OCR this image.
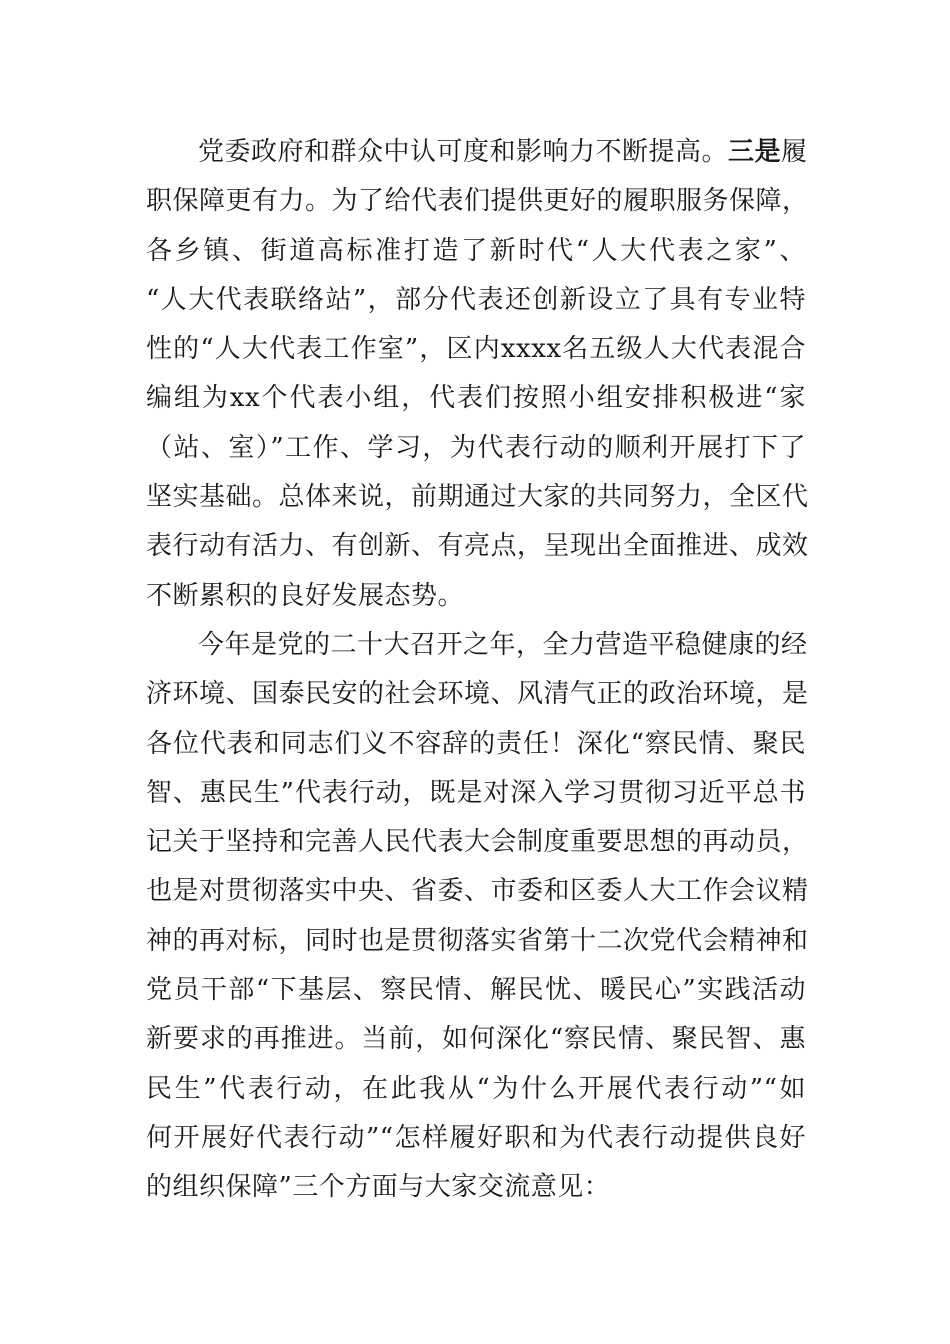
党委政府和群众中认可度和影响力不断提高。三是履
职保障更有力。为了给代表们提供更好的履职服务保障，
各乡镇、街道高标准打造了新时代“人大代表之家”、
“人大代表联络站”，部分代表还创新设立了具有专业特
性的“人大代表工作室”，区内xxxx名五级人大代表混合
编组为xx个代表小组，代表们按照小组安排积极进“家
（站、室）”工作、学习，为代表行动的顺利开展打下了
坚实基础。总体来说，前期通过大家的共同努力，全区代
表行动有活力、有创新、有亮点，呈现出全面推进、成效
不断累积的良好发展态势。
今年是党的二十大召开之年，全力营造平稳健康的经
济环境、国泰民安的社会环境、风清气正的政治环境，是
各位代表和同志们义不容辞的责任！深化“察民情、聚民
智、惠民生”代表行动，既是对深入学习贯彻习近平总书
记关于坚持和完善人民代表大会制度重要思想的再动员，
也是对贯彻落实中央、省委、市委和区委人大工作会议精
神的再对标，同时也是贯彻落实省第十二次党代会精神和
党员干部“下基层、察民情、解民忧、暖民心”实践活动
新要求的再推进。当前，如何深化“察民情、聚民智、惠
民生”代表行动，在此我从“为什么开展代表行动”“如
何开展好代表行动”“怎样履好职和为代表行动提供良好
的组织保障”三个方面与大家交流意见：
